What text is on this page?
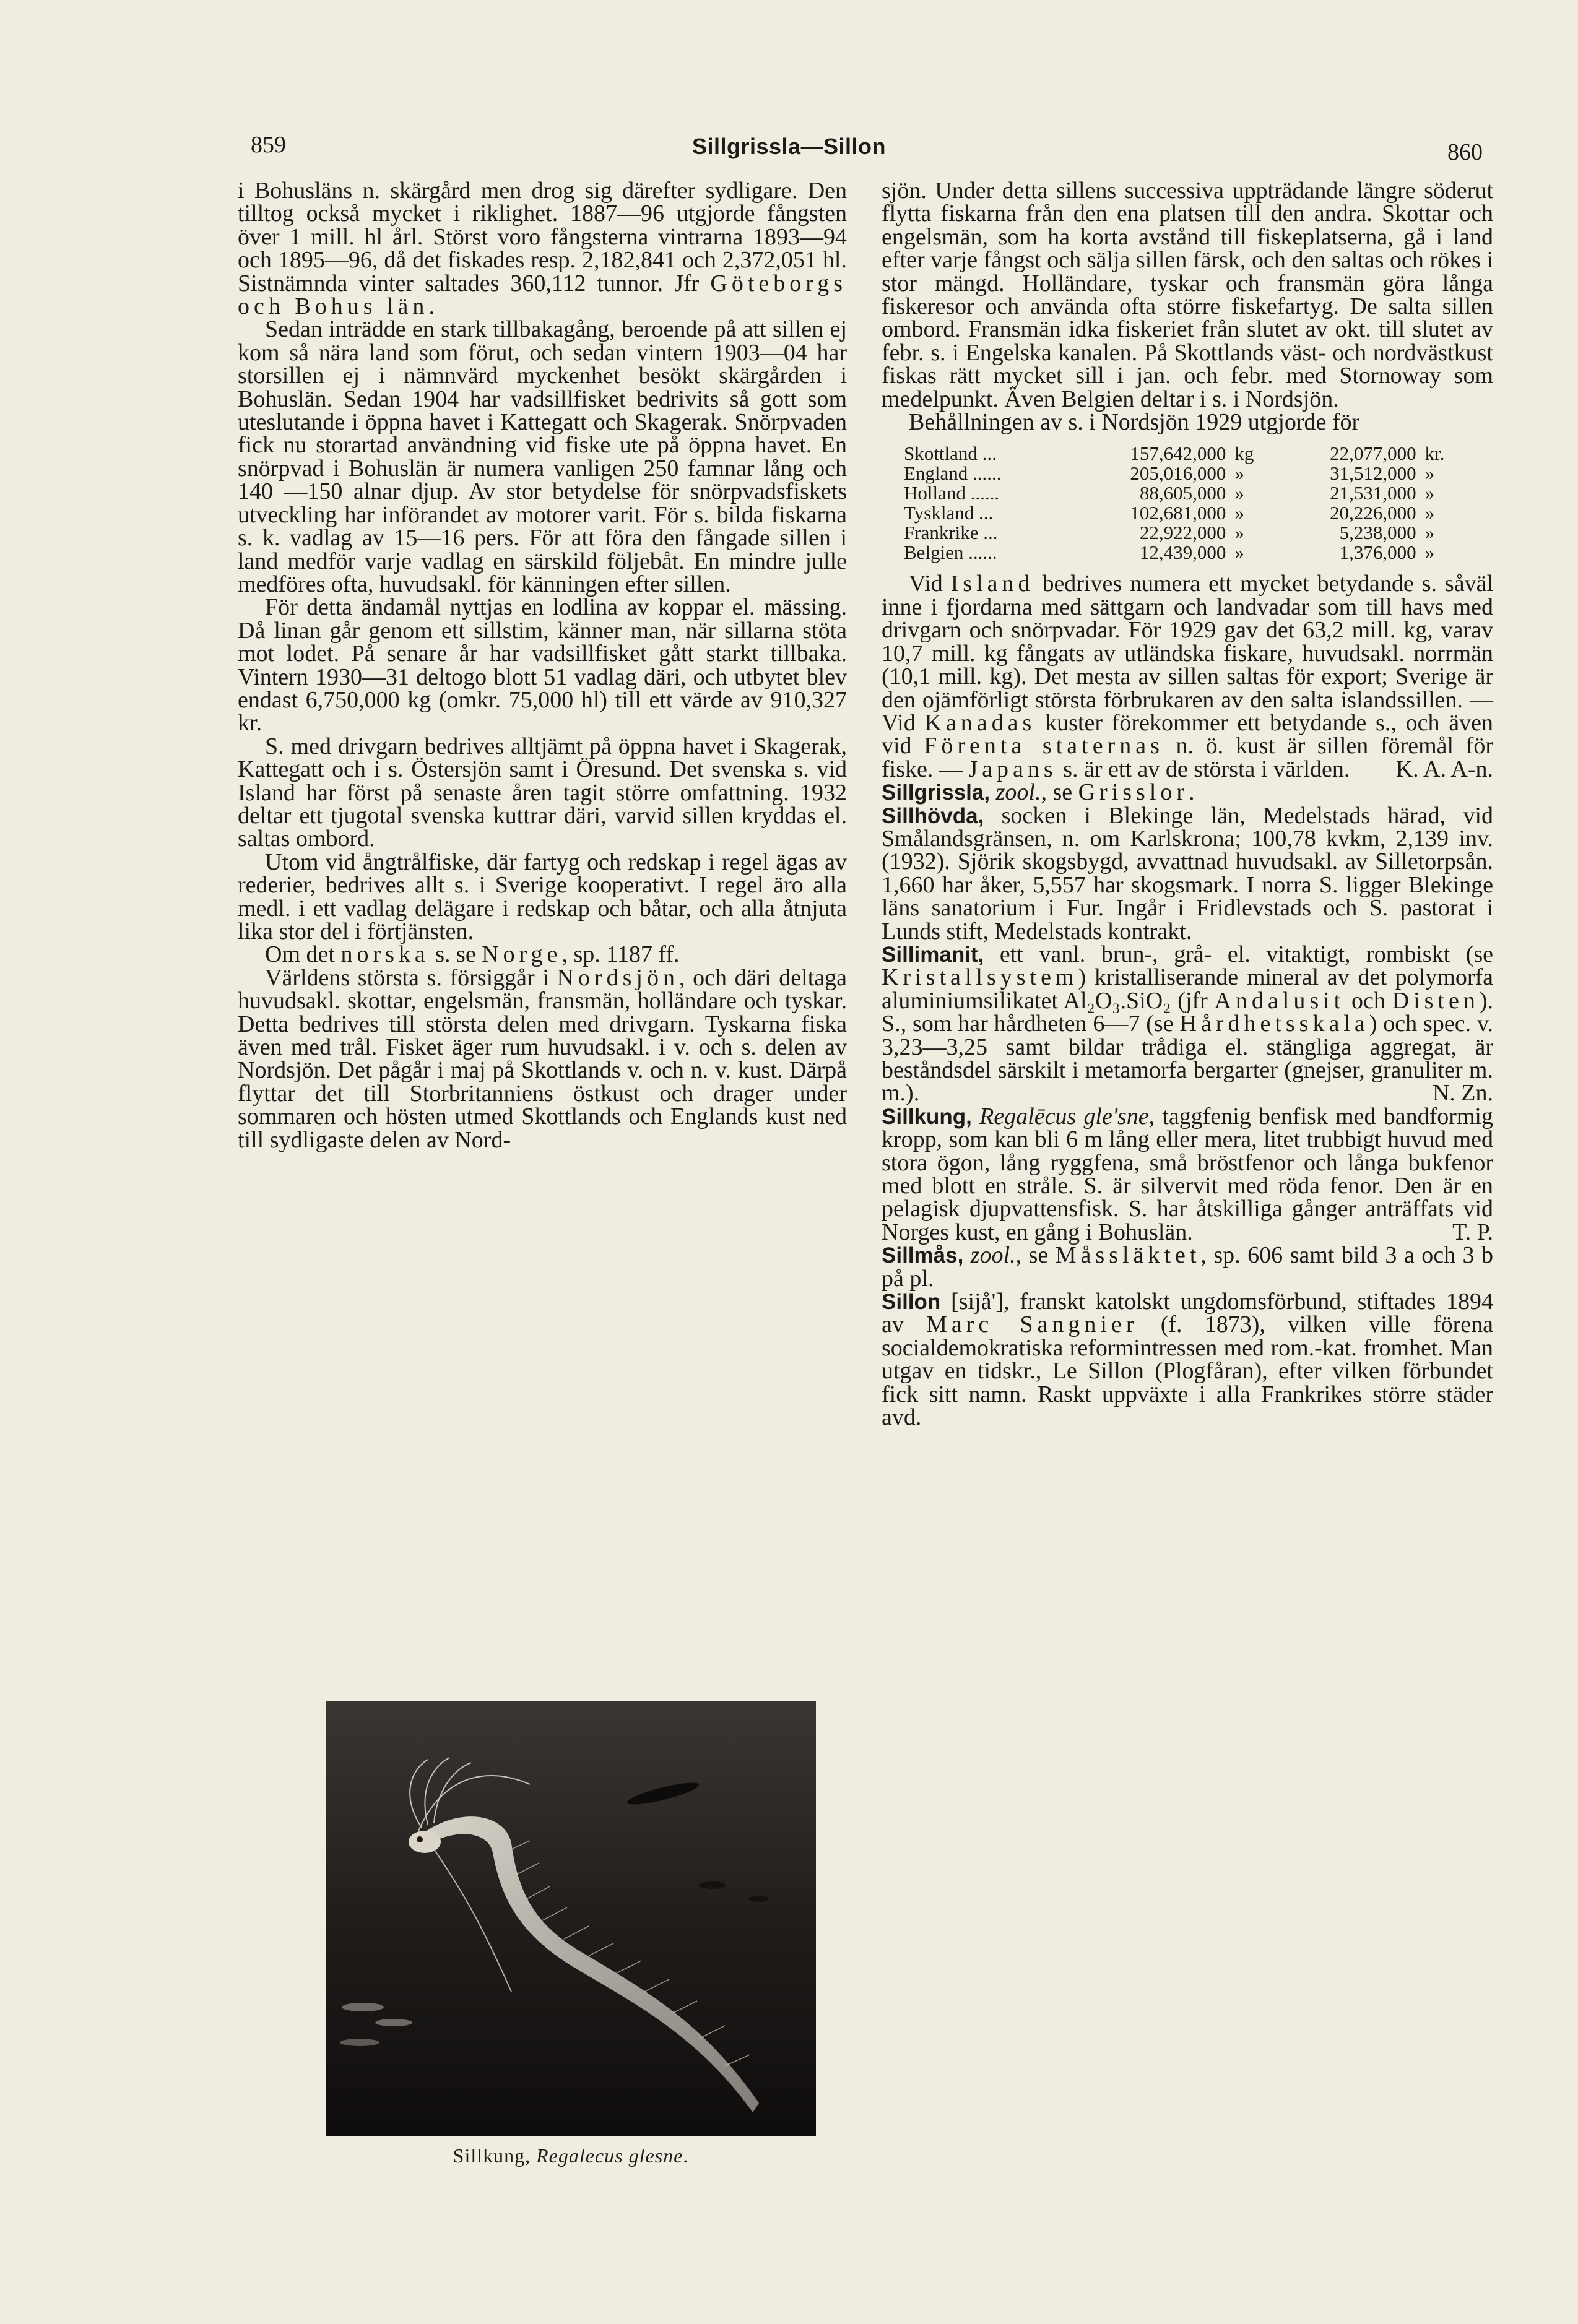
859	Sillgrissla—Sillon	860

i Bohusläns n. skärgård men drog sig därefter sydligare. Den tilltog också mycket i riklighet. 1887—96 utgjorde fångsten över 1 mill. hl årl. Störst voro fångsterna vintrarna 1893—94 och 1895—96, då det fiskades resp. 2,182,841 och 2,372,051 hl. Sistnämnda vinter saltades 360,112 tunnor. Jfr Göteborgs och Bohus län.

Sedan inträdde en stark tillbakagång, beroende på att sillen ej kom så nära land som förut, och sedan vintern 1903—04 har storsillen ej i nämnvärd myckenhet besökt skärgården i Bohuslän. Sedan 1904 har vadsillfisket bedrivits så gott som uteslutande i öppna havet i Kattegatt och Skagerak. Snörpvaden fick nu storartad användning vid fiske ute på öppna havet. En snörpvad i Bohuslän är numera vanligen 250 famnar lång och 140 —150 alnar djup. Av stor betydelse för snörpvadsfiskets utveckling har införandet av motorer varit. För s. bilda fiskarna s. k. vadlag av 15—16 pers. För att föra den fångade sillen i land medför varje vadlag en särskild följebåt. En mindre julle medföres ofta, huvudsakl. för känningen efter sillen.

För detta ändamål nyttjas en lodlina av koppar el. mässing. Då linan går genom ett sillstim, känner man, när sillarna stöta mot lodet. På senare år har vadsillfisket gått starkt tillbaka. Vintern 1930—31 deltogo blott 51 vadlag däri, och utbytet blev endast 6,750,000 kg (omkr. 75,000 hl) till ett värde av 910,327 kr.

S. med drivgarn bedrives alltjämt på öppna havet i Skagerak, Kattegatt och i s. Östersjön samt i Öresund. Det svenska s. vid Island har först på senaste åren tagit större omfattning. 1932 deltar ett tjugotal svenska kuttrar däri, varvid sillen kryddas el. saltas ombord.

Utom vid ångtrålfiske, där fartyg och redskap i regel ägas av rederier, bedrives allt s. i Sverige kooperativt. I regel äro alla medl. i ett vadlag delägare i redskap och båtar, och alla åtnjuta lika stor del i förtjänsten.

Om det norska s. se Norge, sp. 1187 ff.

Världens största s. försiggår i Nordsjön, och däri deltaga huvudsakl. skottar, engelsmän, fransmän, holländare och tyskar. Detta bedrives till största delen med drivgarn. Tyskarna fiska även med trål. Fisket äger rum huvudsakl. i v. och s. delen av Nordsjön. Det pågår i maj på Skottlands v. och n. v. kust. Därpå flyttar det till Storbritanniens östkust och drager under sommaren och hösten utmed Skottlands och Englands kust ned till sydligaste delen av Nord-

sjön. Under detta sillens successiva uppträdande längre söderut flytta fiskarna från den ena platsen till den andra. Skottar och engelsmän, som ha korta avstånd till fiskeplatserna, gå i land efter varje fångst och sälja sillen färsk, och den saltas och rökes i stor mängd. Holländare, tyskar och fransmän göra långa fiskeresor och använda ofta större fiskefartyg. De salta sillen ombord. Fransmän idka fiskeriet från slutet av okt. till slutet av febr. s. i Engelska kanalen. På Skottlands väst- och nordvästkust fiskas rätt mycket sill i jan. och febr. med Stornoway som medelpunkt. Även Belgien deltar i s. i Nordsjön.

Behållningen av s. i Nordsjön 1929 utgjorde för

Skottland ...	157,642,000	kg	22,077,000	kr.
England ......	205,016,000	»	31,512,000	»
Holland ......	88,605,000	»	21,531,000	»
Tyskland ...	102,681,000	»	20,226,000	»
Frankrike ...	22,922,000	»	5,238,000	»
Belgien ......	12,439,000	»	1,376,000	»

Vid Island bedrives numera ett mycket betydande s. såväl inne i fjordarna med sättgarn och landvadar som till havs med drivgarn och snörpvadar. För 1929 gav det 63,2 mill. kg, varav 10,7 mill. kg fångats av utländska fiskare, huvudsakl. norrmän (10,1 mill. kg). Det mesta av sillen saltas för export; Sverige är den ojämförligt största förbrukaren av den salta islandssillen. — Vid Kanadas kuster förekommer ett betydande s., och även vid Förenta staternas n. ö. kust är sillen föremål för fiske. — Japans s. är ett av de största i världen.	K. A. A-n.

Sillgrissla, zool., se Grisslor.

Sillhövda, socken i Blekinge län, Medelstads härad, vid Smålandsgränsen, n. om Karlskrona; 100,78 kvkm, 2,139 inv. (1932). Sjörik skogsbygd, avvattnad huvudsakl. av Silletorpsån. 1,660 har åker, 5,557 har skogsmark. I norra S. ligger Blekinge läns sanatorium i Fur. Ingår i Fridlevstads och S. pastorat i Lunds stift, Medelstads kontrakt.

Sillimanit, ett vanl. brun-, grå- el. vitaktigt, rombiskt (se Kristallsystem) kristalliserande mineral av det polymorfa aluminiumsilikatet Al₂O₃.SiO₂ (jfr Andalusit och Disten). S., som har hårdheten 6—7 (se Hårdhetsskala) och spec. v. 3,23—3,25 samt bildar trådiga el. stängliga aggregat, är beståndsdel särskilt i metamorfa bergarter (gnejser, granuliter m. m.).	N. Zn.

Sillkung, Regalēcus gle'sne, taggfenig benfisk med bandformig kropp, som kan bli 6 m lång eller mera, litet trubbigt huvud med stora ögon, lång ryggfena, små bröstfenor och långa bukfenor med blott en stråle. S. är silvervit med röda fenor. Den är en pelagisk djupvattensfisk. S. har åtskilliga gånger anträffats vid Norges kust, en gång i Bohuslän.	T. P.

Sillmås, zool., se Måssläktet, sp. 606 samt bild 3 a och 3 b på pl.

Sillon [sijå'], franskt katolskt ungdomsförbund, stiftades 1894 av Marc Sangnier (f. 1873), vilken ville förena socialdemokratiska reformintressen med rom.-kat. fromhet. Man utgav en tidskr., Le Sillon (Plogfåran), efter vilken förbundet fick sitt namn. Raskt uppväxte i alla Frankrikes större städer avd.

Sillkung, Regalecus glesne.
